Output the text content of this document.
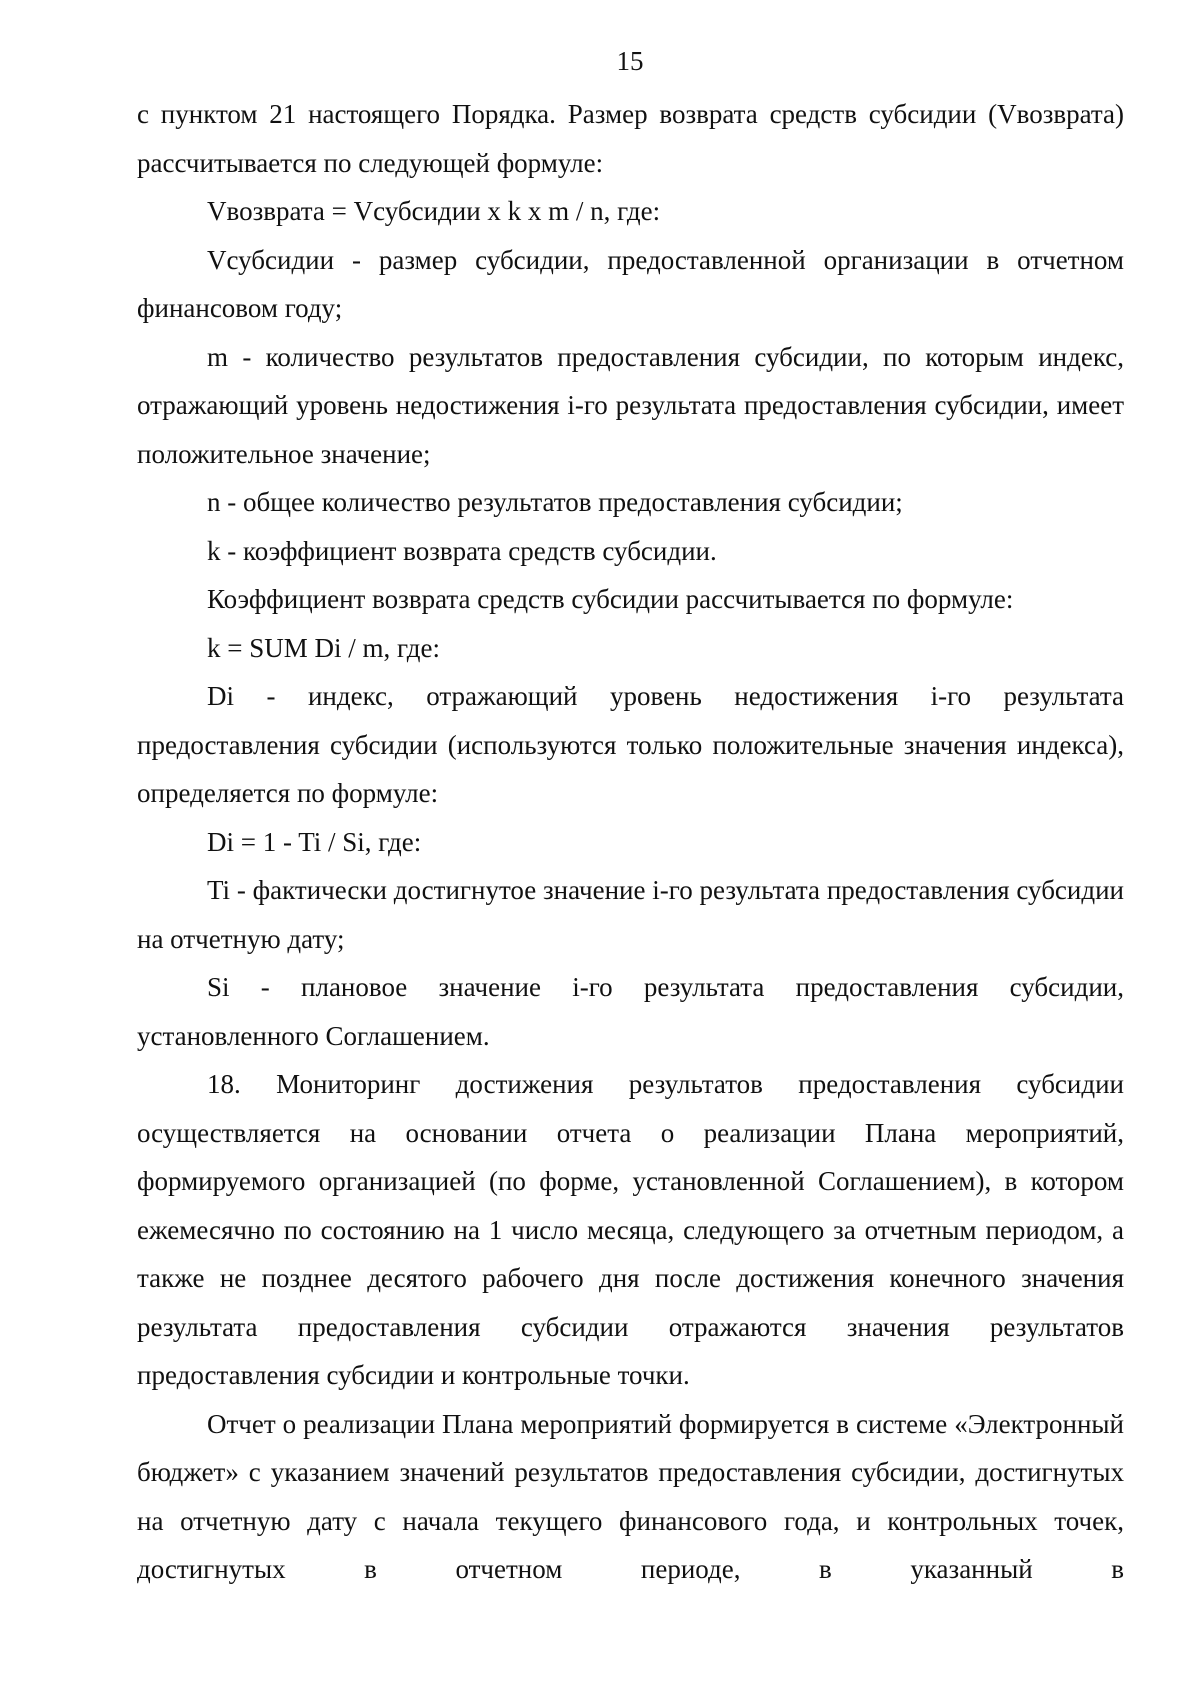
15

с пунктом 21 настоящего Порядка. Размер возврата средств субсидии (Vвозврата) рассчитывается по следующей формуле:

Vвозврата = Vсубсидии x k x m / n, где:

Vсубсидии - размер субсидии, предоставленной организации в отчетном финансовом году;

m - количество результатов предоставления субсидии, по которым индекс, отражающий уровень недостижения i-го результата предоставления субсидии, имеет положительное значение;

n - общее количество результатов предоставления субсидии;

k - коэффициент возврата средств субсидии.

Коэффициент возврата средств субсидии рассчитывается по формуле:

k = SUM Di / m, где:

Di - индекс, отражающий уровень недостижения i-го результата предоставления субсидии (используются только положительные значения индекса), определяется по формуле:

Di = 1 - Ti / Si, где:

Ti - фактически достигнутое значение i-го результата предоставления субсидии на отчетную дату;

Si - плановое значение i-го результата предоставления субсидии, установленного Соглашением.

18. Мониторинг достижения результатов предоставления субсидии осуществляется на основании отчета о реализации Плана мероприятий, формируемого организацией (по форме, установленной Соглашением), в котором ежемесячно по состоянию на 1 число месяца, следующего за отчетным периодом, а также не позднее десятого рабочего дня после достижения конечного значения результата предоставления субсидии отражаются значения результатов предоставления субсидии и контрольные точки.

Отчет о реализации Плана мероприятий формируется в системе «Электронный бюджет» с указанием значений результатов предоставления субсидии, достигнутых на отчетную дату с начала текущего финансового года, и контрольных точек, достигнутых в отчетном периоде, в указанный в
